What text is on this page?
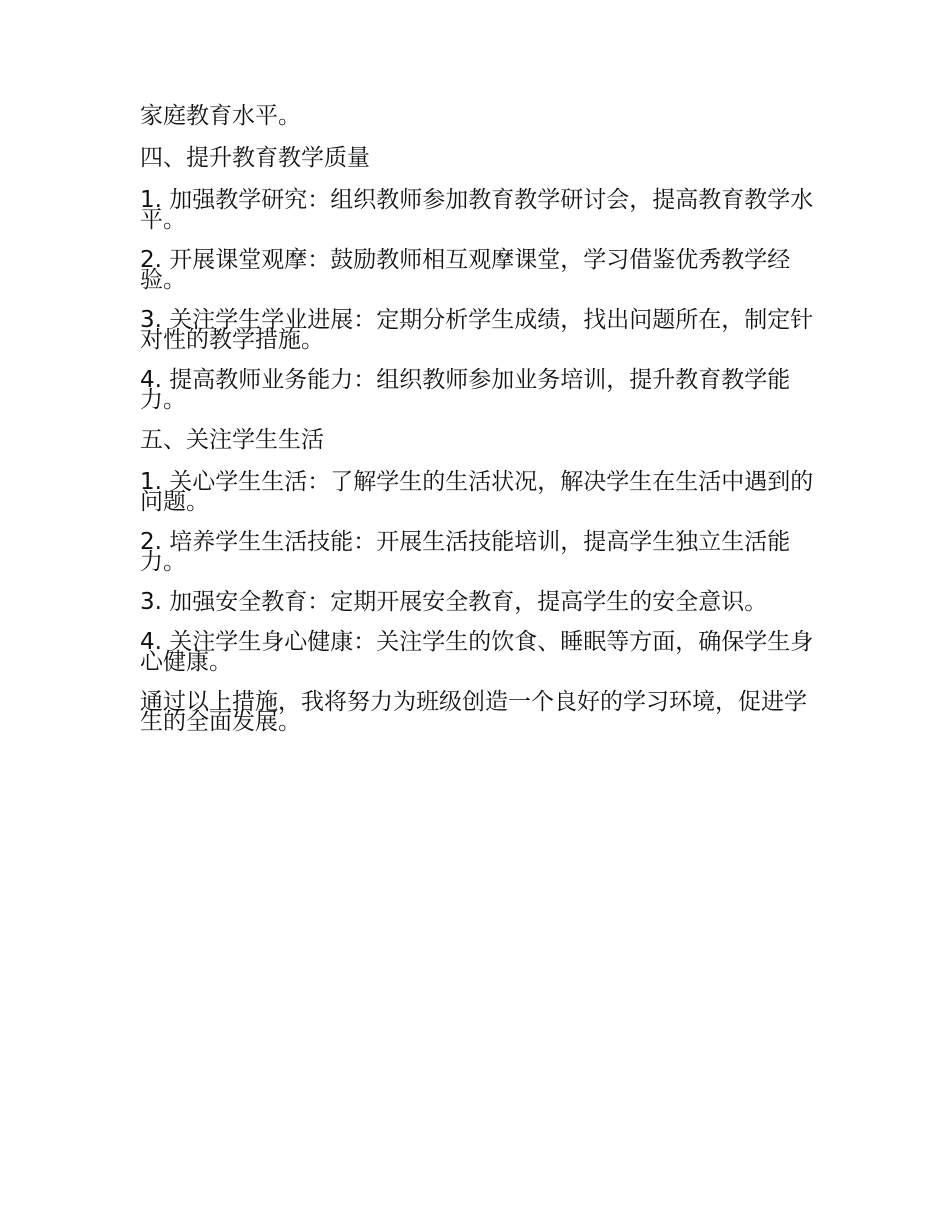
家庭教育水平。

四、提升教育教学质量

1. 加强教学研究：组织教师参加教育教学研讨会，提高教育教学水平。

2. 开展课堂观摩：鼓励教师相互观摩课堂，学习借鉴优秀教学经验。

3. 关注学生学业进展：定期分析学生成绩，找出问题所在，制定针对性的教学措施。

4. 提高教师业务能力：组织教师参加业务培训，提升教育教学能力。

五、关注学生生活

1. 关心学生生活：了解学生的生活状况，解决学生在生活中遇到的问题。

2. 培养学生生活技能：开展生活技能培训，提高学生独立生活能力。

3. 加强安全教育：定期开展安全教育，提高学生的安全意识。

4. 关注学生身心健康：关注学生的饮食、睡眠等方面，确保学生身心健康。

通过以上措施，我将努力为班级创造一个良好的学习环境，促进学生的全面发展。
